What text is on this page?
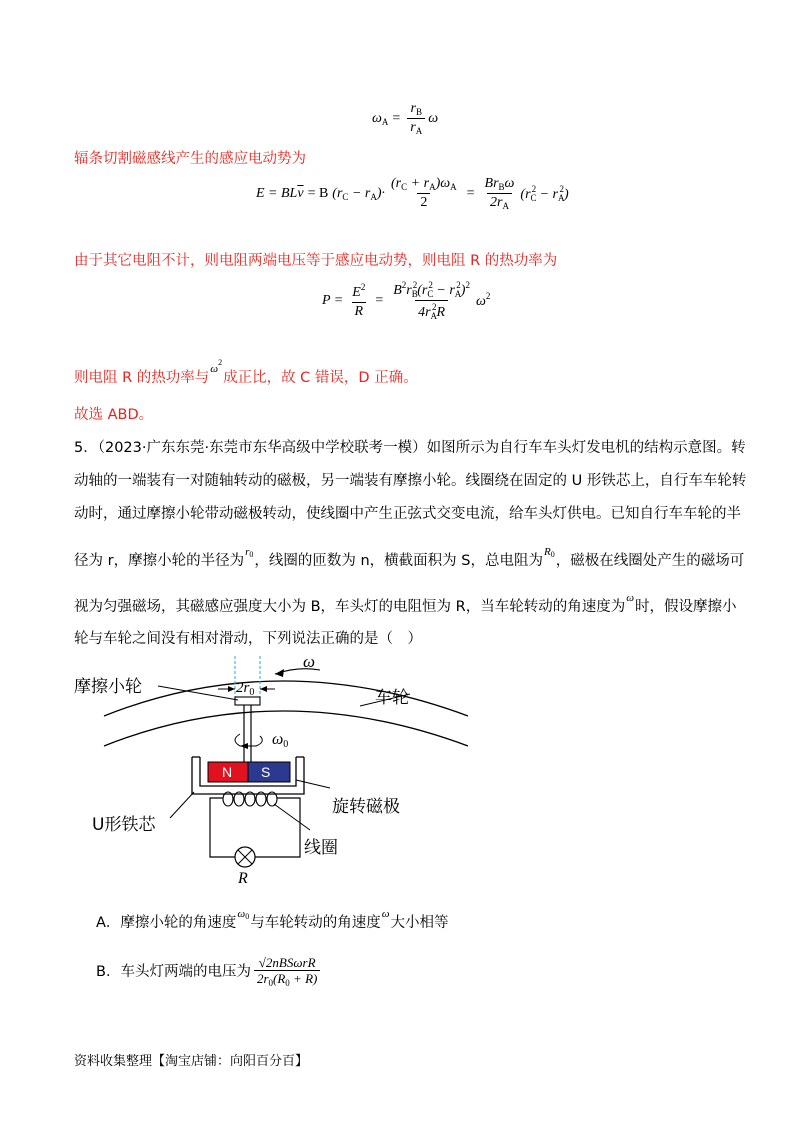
$\omega_A = \frac{r_B}{r_A}$ ω
辐条切割磁感线产生的感应电动势为
E = BL $\overline{v} = B$ $(r_C - r_A)\cdot \frac{(r_C + r_A)\omega_A}{2} = \frac{Br_B\omega}{2r_A} (r_C^2 - r_A^2)$
由于其它电阻不计，则电阻两端电压等于感应电动势，则电阻 R 的热功率为
$P = \frac{E^2}{R} = \frac{B^2r_B^2(r_C^2 - r_A^2)^2}{4r_A^2R} \omega^2$
则电阻 R 的热功率与$^{\omega^2}$成正比，故 C 错误，D 正确。
故选 ABD。
5．（2023·广东东莞·东莞市东华高级中学校联考一模）如图所示为自行车车头灯发电机的结构示意图。转
动轴的一端装有一对随轴转动的磁极，另一端装有摩擦小轮。线圈绕在固定的 U 形铁芯上，自行车车轮转
动时，通过摩擦小轮带动磁极转动，使线圈中产生正弦式交变电流，给车头灯供电。已知自行车车轮的半
径为 r，摩擦小轮的半径为$^{r0}$，线圈的匝数为 n，横截面积为 S，总电阻为$^{R0}$，磁极在线圈处产生的磁场可
视为匀强磁场，其磁感应强度大小为 B，车头灯的电阻恒为 R，当车轮转动的角速度为$^\omega$时，假设摩擦小
轮与车轮之间没有相对滑动，下列说法正确的是（　）
摩擦小轮	$2r_0$
ω
车轮
ω0
N S
旋转磁极
U形铁芯
线圈
R
A．摩擦小轮的角速度$^{\omega 0}$与车轮转动的角速度$^\omega$大小相等
B．车头灯两端的电压为 $\frac{\text{√2nBSωrR}}{2r_0(R_0 + R)}$
资料收集整理【淘宝店铺：向阳百分百】
